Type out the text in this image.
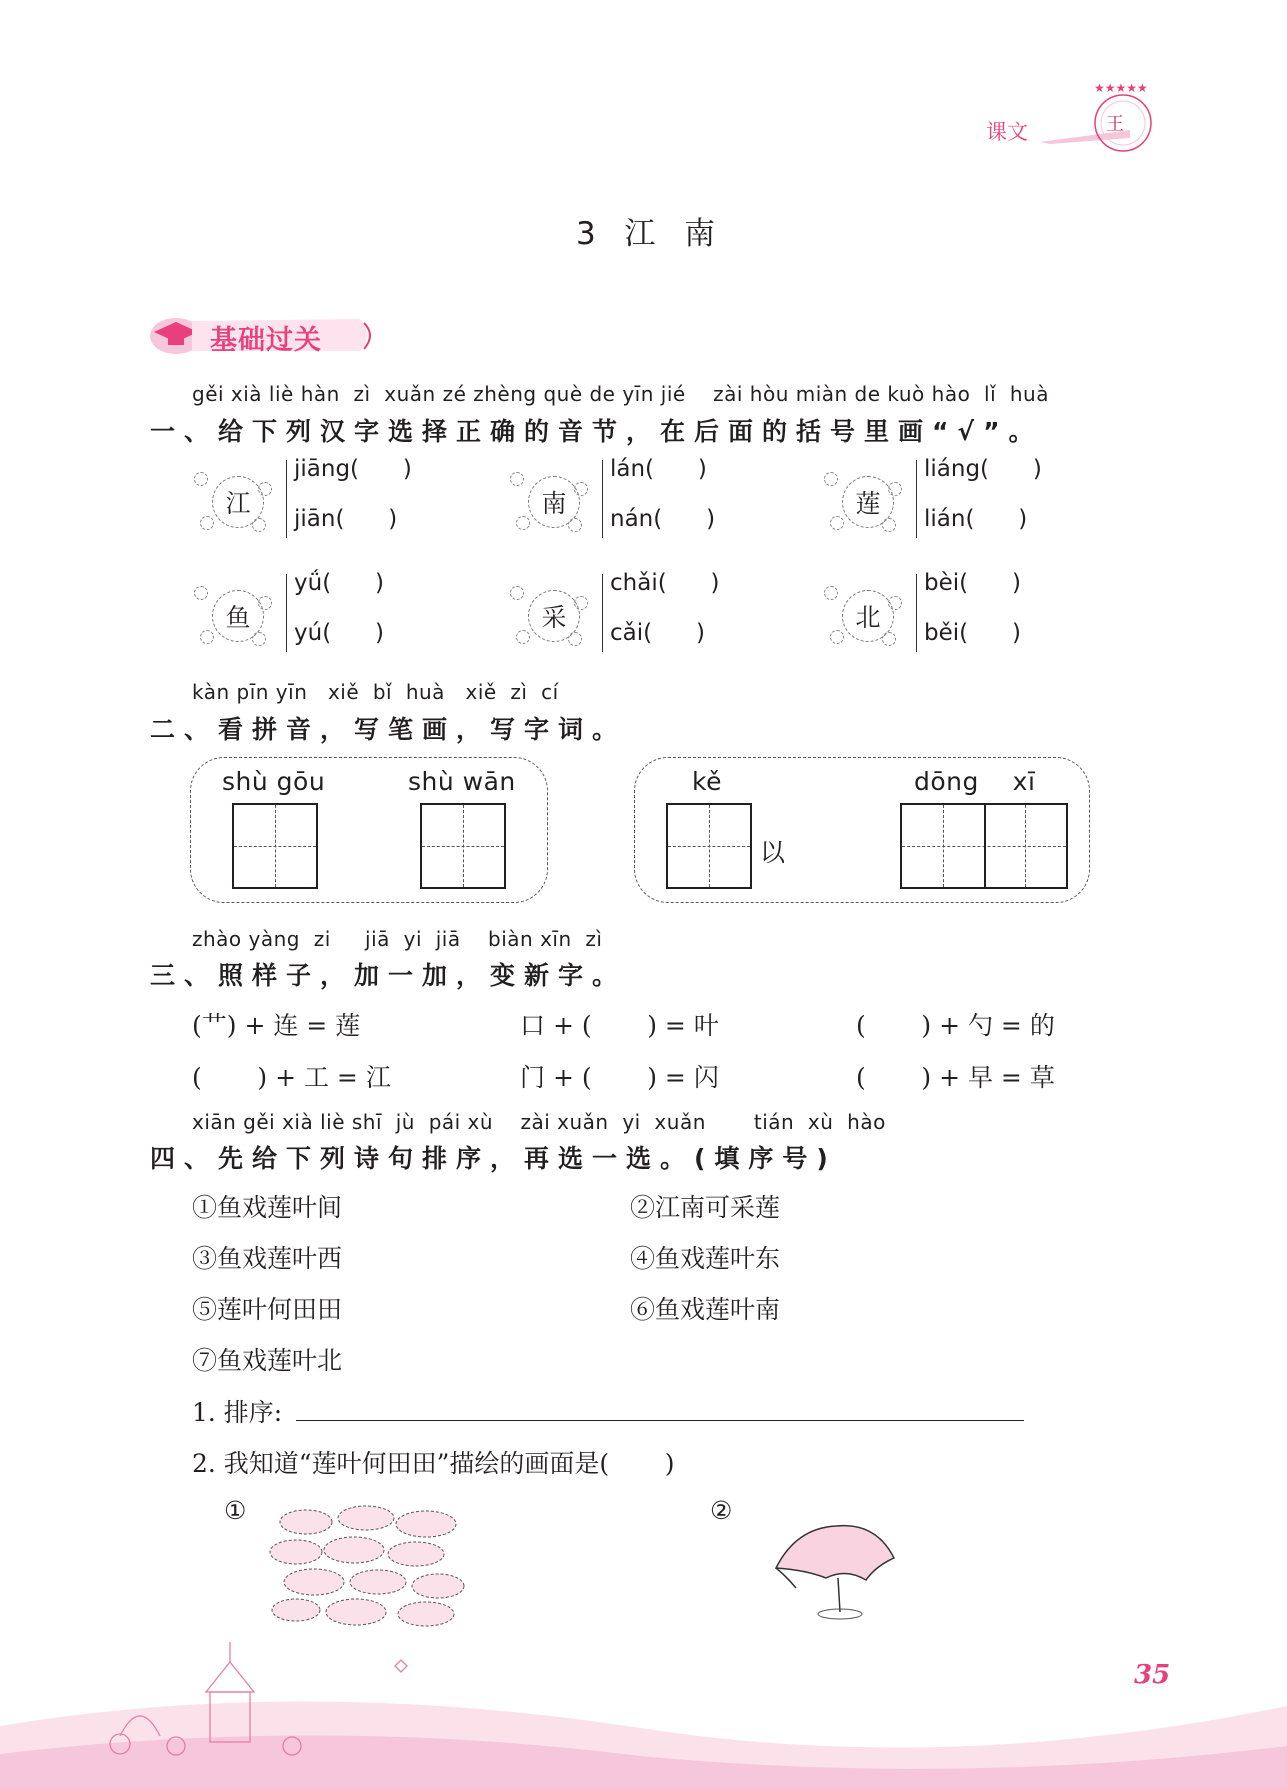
课文
★★★★★
王
3  江  南
基础过关
gěi xià liè hàn  zì  xuǎn zé zhèng què de yīn jié    zài hòu miàn de kuò hào  lǐ  huà
一、给下列汉字选择正确的音节，在后面的括号里画“√”。
江
jiāng(      )
jiān(      )
南
lán(      )
nán(      )
莲
liáng(      )
lián(      )
鱼
yǘ(      )
yú(      )
采
chǎi(      )
cǎi(      )
北
bèi(      )
běi(      )
kàn pīn yīn   xiě  bǐ  huà   xiě  zì  cí
二、看拼音，写笔画，写字词。
shù gōu	shù wān	kě	dōng    xī
以
zhào yàng  zi     jiā  yi  jiā    biàn xīn  zì
三、照样子，加一加，变新字。
(艹) + 连 = 莲	口 + (       ) = 叶	(       ) + 勺 = 的
(       ) + 工 = 江	门 + (       ) = 闪	(       ) + 早 = 草
xiān gěi xià liè shī  jù  pái xù    zài xuǎn  yi  xuǎn       tián  xù  hào
四、先给下列诗句排序，再选一选。(填序号)
①鱼戏莲叶间	②江南可采莲
③鱼戏莲叶西	④鱼戏莲叶东
⑤莲叶何田田	⑥鱼戏莲叶南
⑦鱼戏莲叶北
1. 排序:
2. 我知道“莲叶何田田”描绘的画面是(       )
①	②
35
